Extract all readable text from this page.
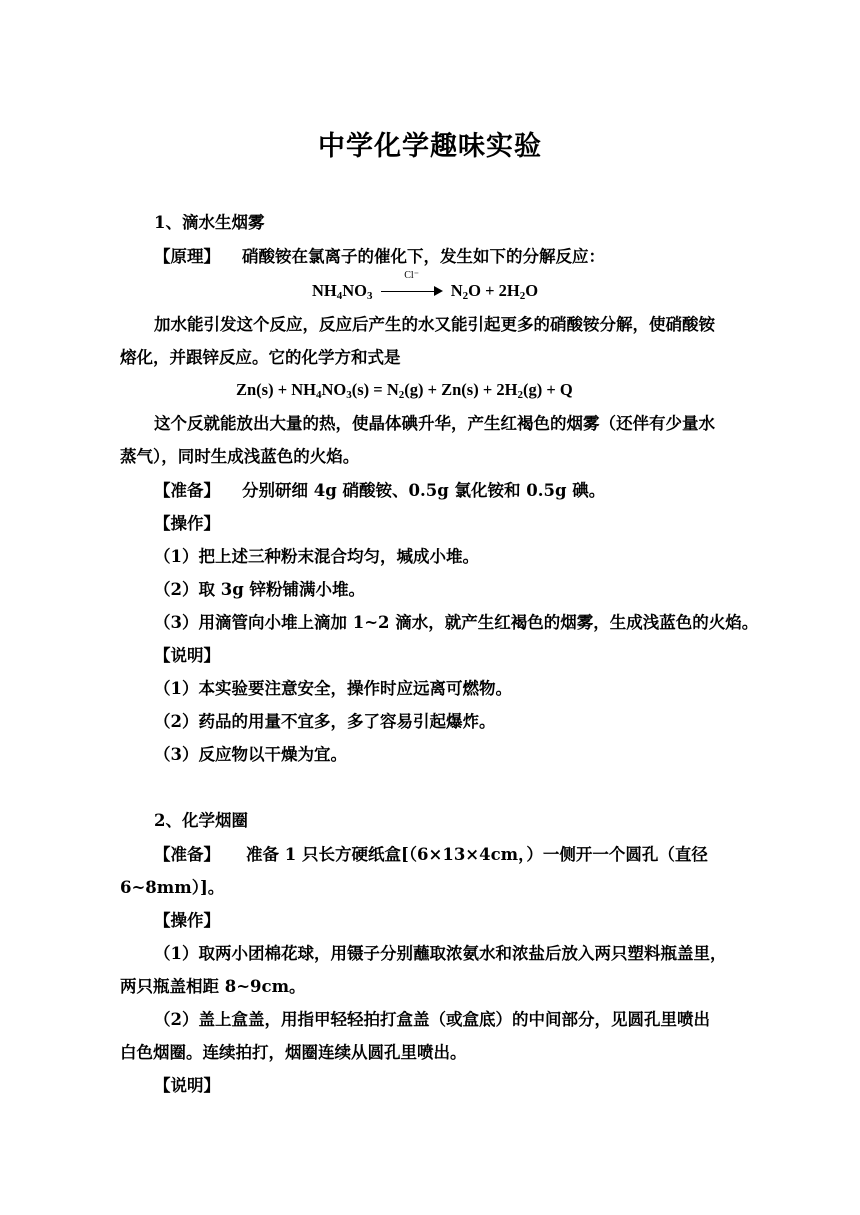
中学化学趣味实验
1、滴水生烟雾
【原理】 硝酸铵在氯离子的催化下，发生如下的分解反应：
$NH_4NO_3$
Cl⁻
$N_2O + 2H_2O$
加水能引发这个反应，反应后产生的水又能引起更多的硝酸铵分解，使硝酸铵
熔化，并跟锌反应。它的化学方和式是
$Zn(s) + NH_4NO_3(s) = N_2(g) + Zn(s) + 2H_2(g) + Q$
这个反就能放出大量的热，使晶体碘升华，产生红褐色的烟雾（还伴有少量水
蒸气），同时生成浅蓝色的火焰。
【准备】 分别研细 4g 硝酸铵、0.5g 氯化铵和 0.5g 碘。
【操作】
（1）把上述三种粉末混合均匀，堿成小堆。
（2）取 3g 锌粉铺满小堆。
（3）用滴管向小堆上滴加 1~2 滴水，就产生红褐色的烟雾，生成浅蓝色的火焰。
【说明】
（1）本实验要注意安全，操作时应远离可燃物。
（2）药品的用量不宜多，多了容易引起爆炸。
（3）反应物以干燥为宜。
2、化学烟圈
【准备】 准备 1 只长方硬纸盒[（6×13×4cm，）一侧开一个圆孔（直径
6~8mm）]。
【操作】
（1）取两小团棉花球，用镊子分别蘸取浓氨水和浓盐后放入两只塑料瓶盖里，
两只瓶盖相距 8~9cm。
（2）盖上盒盖，用指甲轻轻拍打盒盖（或盒底）的中间部分，见圆孔里喷出
白色烟圈。连续拍打，烟圈连续从圆孔里喷出。
【说明】
